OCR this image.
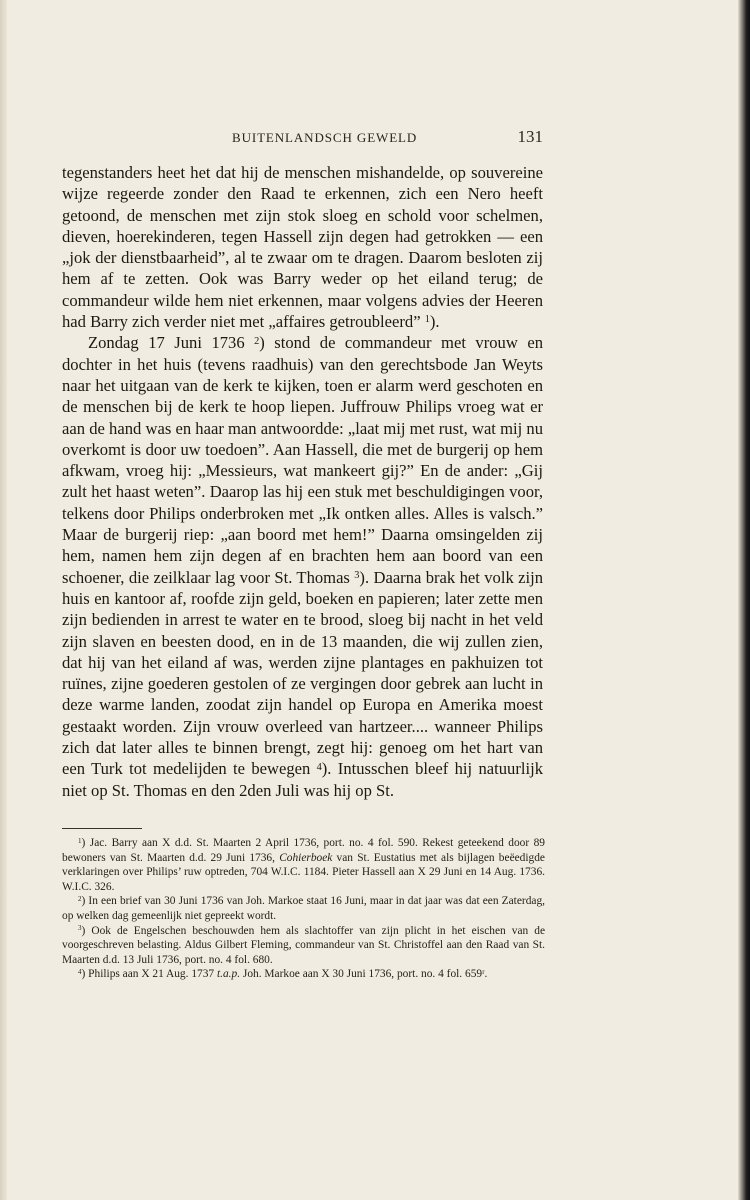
BUITENLANDSCH GEWELD	131

tegenstanders heet het dat hij de menschen mishandelde, op souvereine wijze regeerde zonder den Raad te erkennen, zich een Nero heeft getoond, de menschen met zijn stok sloeg en schold voor schelmen, dieven, hoerekinderen, tegen Hassell zijn degen had getrokken — een „jok der dienstbaarheid”, al te zwaar om te dragen. Daarom besloten zij hem af te zetten. Ook was Barry weder op het eiland terug; de commandeur wilde hem niet erkennen, maar volgens advies der Heeren had Barry zich verder niet met „affaires getroubleerd” $^1$).

Zondag 17 Juni 1736 $^2$) stond de commandeur met vrouw en dochter in het huis (tevens raadhuis) van den gerechtsbode Jan Weyts naar het uitgaan van de kerk te kijken, toen er alarm werd geschoten en de menschen bij de kerk te hoop liepen. Juffrouw Philips vroeg wat er aan de hand was en haar man antwoordde: „laat mij met rust, wat mij nu overkomt is door uw toedoen”. Aan Hassell, die met de burgerij op hem afkwam, vroeg hij: „Messieurs, wat mankeert gij?” En de ander: „Gij zult het haast weten”. Daarop las hij een stuk met beschuldigingen voor, telkens door Philips onderbroken met „Ik ontken alles. Alles is valsch.” Maar de burgerij riep: „aan boord met hem!” Daarna omsingelden zij hem, namen hem zijn degen af en brachten hem aan boord van een schoener, die zeilklaar lag voor St. Thomas $^3$). Daarna brak het volk zijn huis en kantoor af, roofde zijn geld, boeken en papieren; later zette men zijn bedienden in arrest te water en te brood, sloeg bij nacht in het veld zijn slaven en beesten dood, en in de 13 maanden, die wij zullen zien, dat hij van het eiland af was, werden zijne plantages en pakhuizen tot ruïnes, zijne goederen gestolen of ze vergingen door gebrek aan lucht in deze warme landen, zoodat zijn handel op Europa en Amerika moest gestaakt worden. Zijn vrouw overleed van hartzeer.... wanneer Philips zich dat later alles te binnen brengt, zegt hij: genoeg om het hart van een Turk tot medelijden te bewegen $^4$). Intusschen bleef hij natuurlijk niet op St. Thomas en den 2den Juli was hij op St.

$^1$) Jac. Barry aan X d.d. St. Maarten 2 April 1736, port. no. 4 fol. 590. Rekest geteekend door 89 bewoners van St. Maarten d.d. 29 Juni 1736, Cohierboek van St. Eustatius met als bijlagen beëedigde verklaringen over Philips’ ruw optreden, 704 W.I.C. 1184. Pieter Hassell aan X 29 Juni en 14 Aug. 1736. W.I.C. 326.

$^2$) In een brief van 30 Juni 1736 van Joh. Markoe staat 16 Juni, maar in dat jaar was dat een Zaterdag, op welken dag gemeenlijk niet gepreekt wordt.

$^3$) Ook de Engelschen beschouwden hem als slachtoffer van zijn plicht in het eischen van de voorgeschreven belasting. Aldus Gilbert Fleming, commandeur van St. Christoffel aan den Raad van St. Maarten d.d. 13 Juli 1736, port. no. 4 fol. 680.

$^4$) Philips aan X 21 Aug. 1737 t.a.p. Joh. Markoe aan X 30 Juni 1736, port. no. 4 fol. 659ʳ.
